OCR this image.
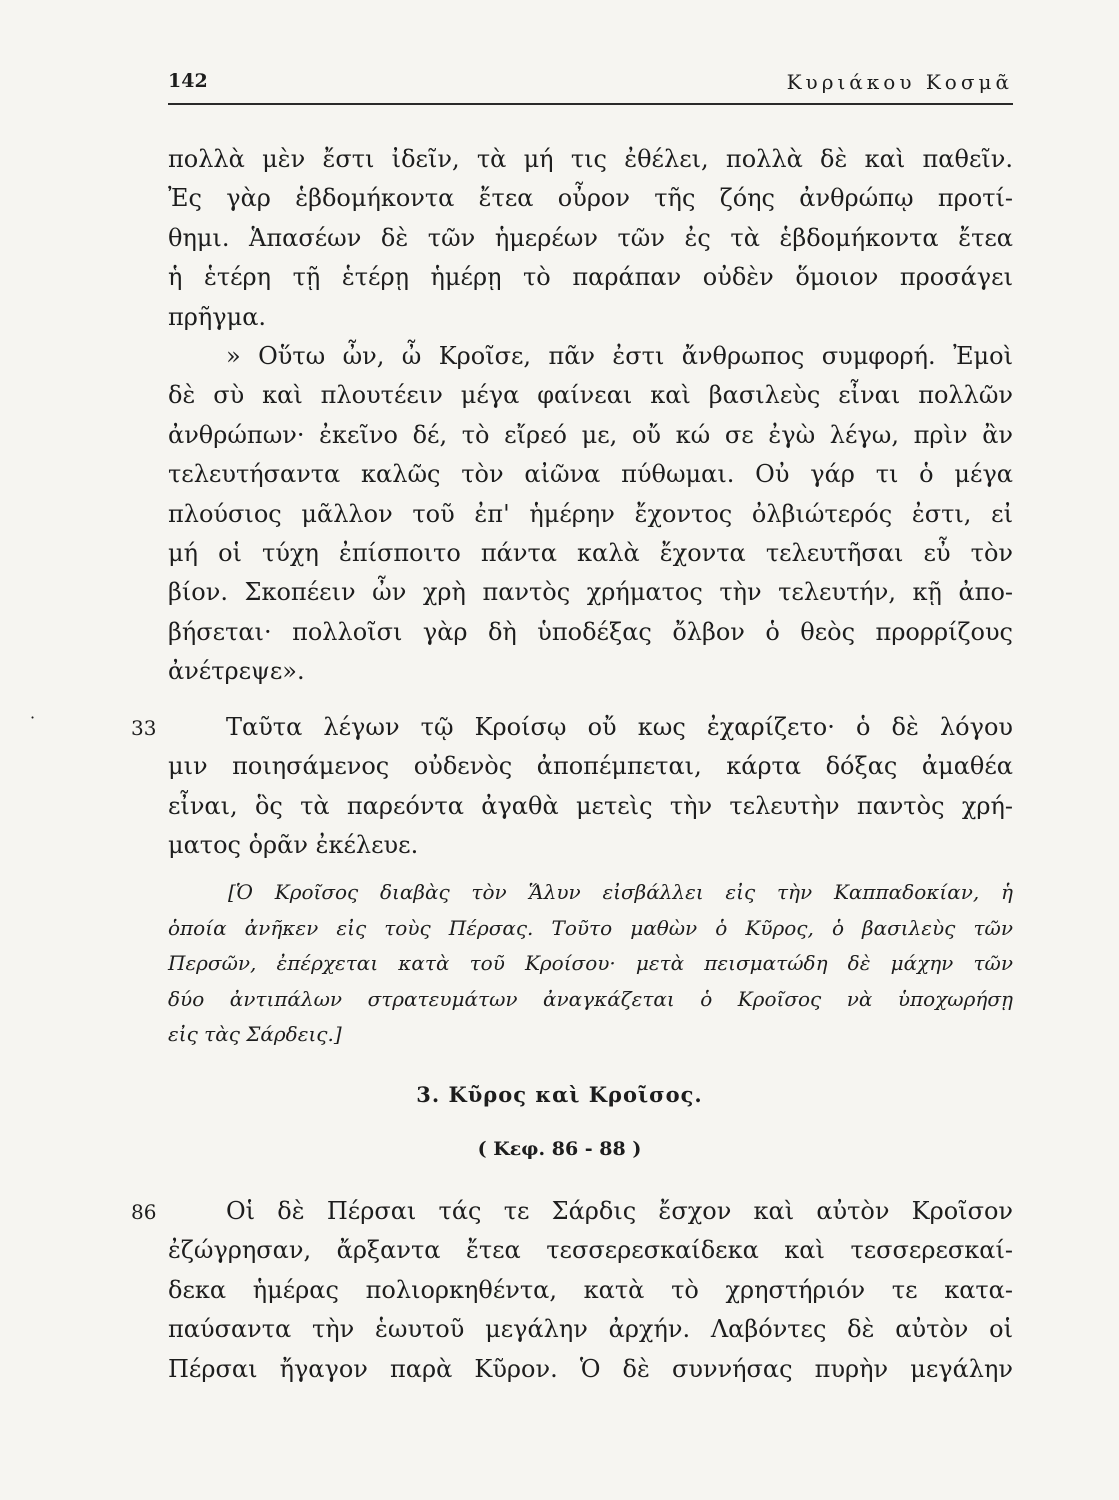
142	Κυριάκου Κοσμᾶ
πολλὰ μὲν ἔστι ἰδεῖν, τὰ μή τις ἐθέλει, πολλὰ δὲ καὶ παθεῖν.
Ἐς γὰρ ἑβδομήκοντα ἔτεα οὖρον τῆς ζόης ἀνθρώπῳ προτί-
θημι. Ἁπασέων δὲ τῶν ἡμερέων τῶν ἐς τὰ ἑβδομήκοντα ἔτεα
ἡ ἑτέρη τῇ ἑτέρῃ ἡμέρῃ τὸ παράπαν οὐδὲν ὅμοιον προσάγει
πρῆγμα.
» Οὕτω ὦν, ὦ Κροῖσε, πᾶν ἐστι ἄνθρωπος συμφορή. Ἐμοὶ
δὲ σὺ καὶ πλουτέειν μέγα φαίνεαι καὶ βασιλεὺς εἶναι πολλῶν
ἀνθρώπων· ἐκεῖνο δέ, τὸ εἴρεό με, οὔ κώ σε ἐγὼ λέγω, πρὶν ἂν
τελευτήσαντα καλῶς τὸν αἰῶνα πύθωμαι. Οὐ γάρ τι ὁ μέγα
πλούσιος μᾶλλον τοῦ ἐπ' ἡμέρην ἔχοντος ὀλβιώτερός ἐστι, εἰ
μή οἱ τύχη ἐπίσποιτο πάντα καλὰ ἔχοντα τελευτῆσαι εὖ τὸν
βίον. Σκοπέειν ὦν χρὴ παντὸς χρήματος τὴν τελευτήν, κῇ ἀπο-
βήσεται· πολλοῖσι γὰρ δὴ ὑποδέξας ὄλβον ὁ θεὸς προρρίζους
ἀνέτρεψε».
·	33	Ταῦτα λέγων τῷ Κροίσῳ οὔ κως ἐχαρίζετο· ὁ δὲ λόγου
μιν ποιησάμενος οὐδενὸς ἀποπέμπεται, κάρτα δόξας ἀμαθέα
εἶναι, ὃς τὰ παρεόντα ἀγαθὰ μετεὶς τὴν τελευτὴν παντὸς χρή-
ματος ὁρᾶν ἐκέλευε.
[Ὁ Κροῖσος διαβὰς τὸν Ἅλυν εἰσβάλλει εἰς τὴν Καππαδοκίαν, ἡ
ὁποία ἀνῆκεν εἰς τοὺς Πέρσας. Τοῦτο μαθὼν ὁ Κῦρος, ὁ βασιλεὺς τῶν
Περσῶν, ἐπέρχεται κατὰ τοῦ Κροίσου· μετὰ πεισματώδη δὲ μάχην τῶν
δύο ἀντιπάλων στρατευμάτων ἀναγκάζεται ὁ Κροῖσος νὰ ὑποχωρήσῃ
εἰς τὰς Σάρδεις.]
3. Κῦρος καὶ Κροῖσος.
( Κεφ. 86 - 88 )
86	Οἱ δὲ Πέρσαι τάς τε Σάρδις ἔσχον καὶ αὐτὸν Κροῖσον
ἐζώγρησαν, ἄρξαντα ἔτεα τεσσερεσκαίδεκα καὶ τεσσερεσκαί-
δεκα ἡμέρας πολιορκηθέντα, κατὰ τὸ χρηστήριόν τε κατα-
παύσαντα τὴν ἑωυτοῦ μεγάλην ἀρχήν. Λαβόντες δὲ αὐτὸν οἱ
Πέρσαι ἤγαγον παρὰ Κῦρον. Ὁ δὲ συννήσας πυρὴν μεγάλην
